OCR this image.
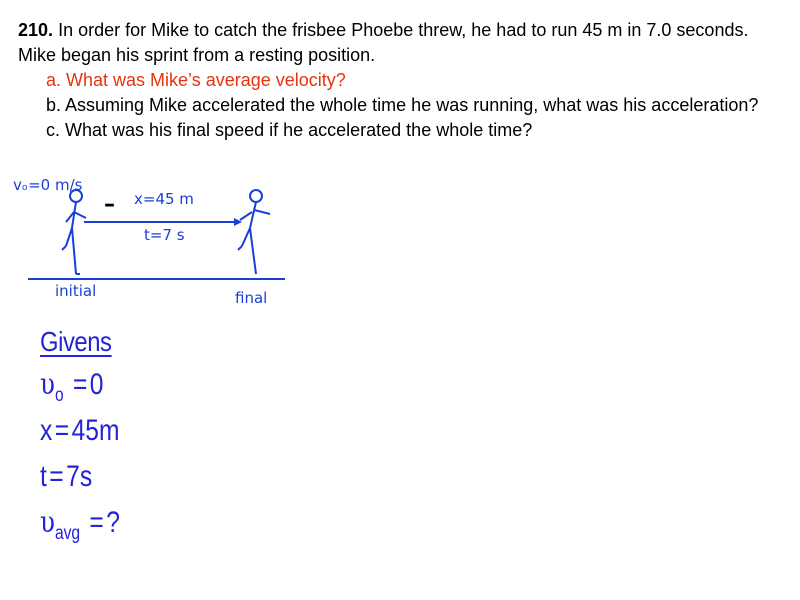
210. In order for Mike to catch the frisbee Phoebe threw, he had to run 45 m in 7.0 seconds. Mike began his sprint from a resting position.

a. What was Mike’s average velocity?

b. Assuming Mike accelerated the whole time he was running, what was his acceleration?

c. What was his final speed if he accelerated the whole time?

vₒ=0 m/s
– x=45 m
t=7 s
initial	final
Givens
$\upsilon_o =0$
x=45m
t=7s
$\upsilon_{avg}$ =?
